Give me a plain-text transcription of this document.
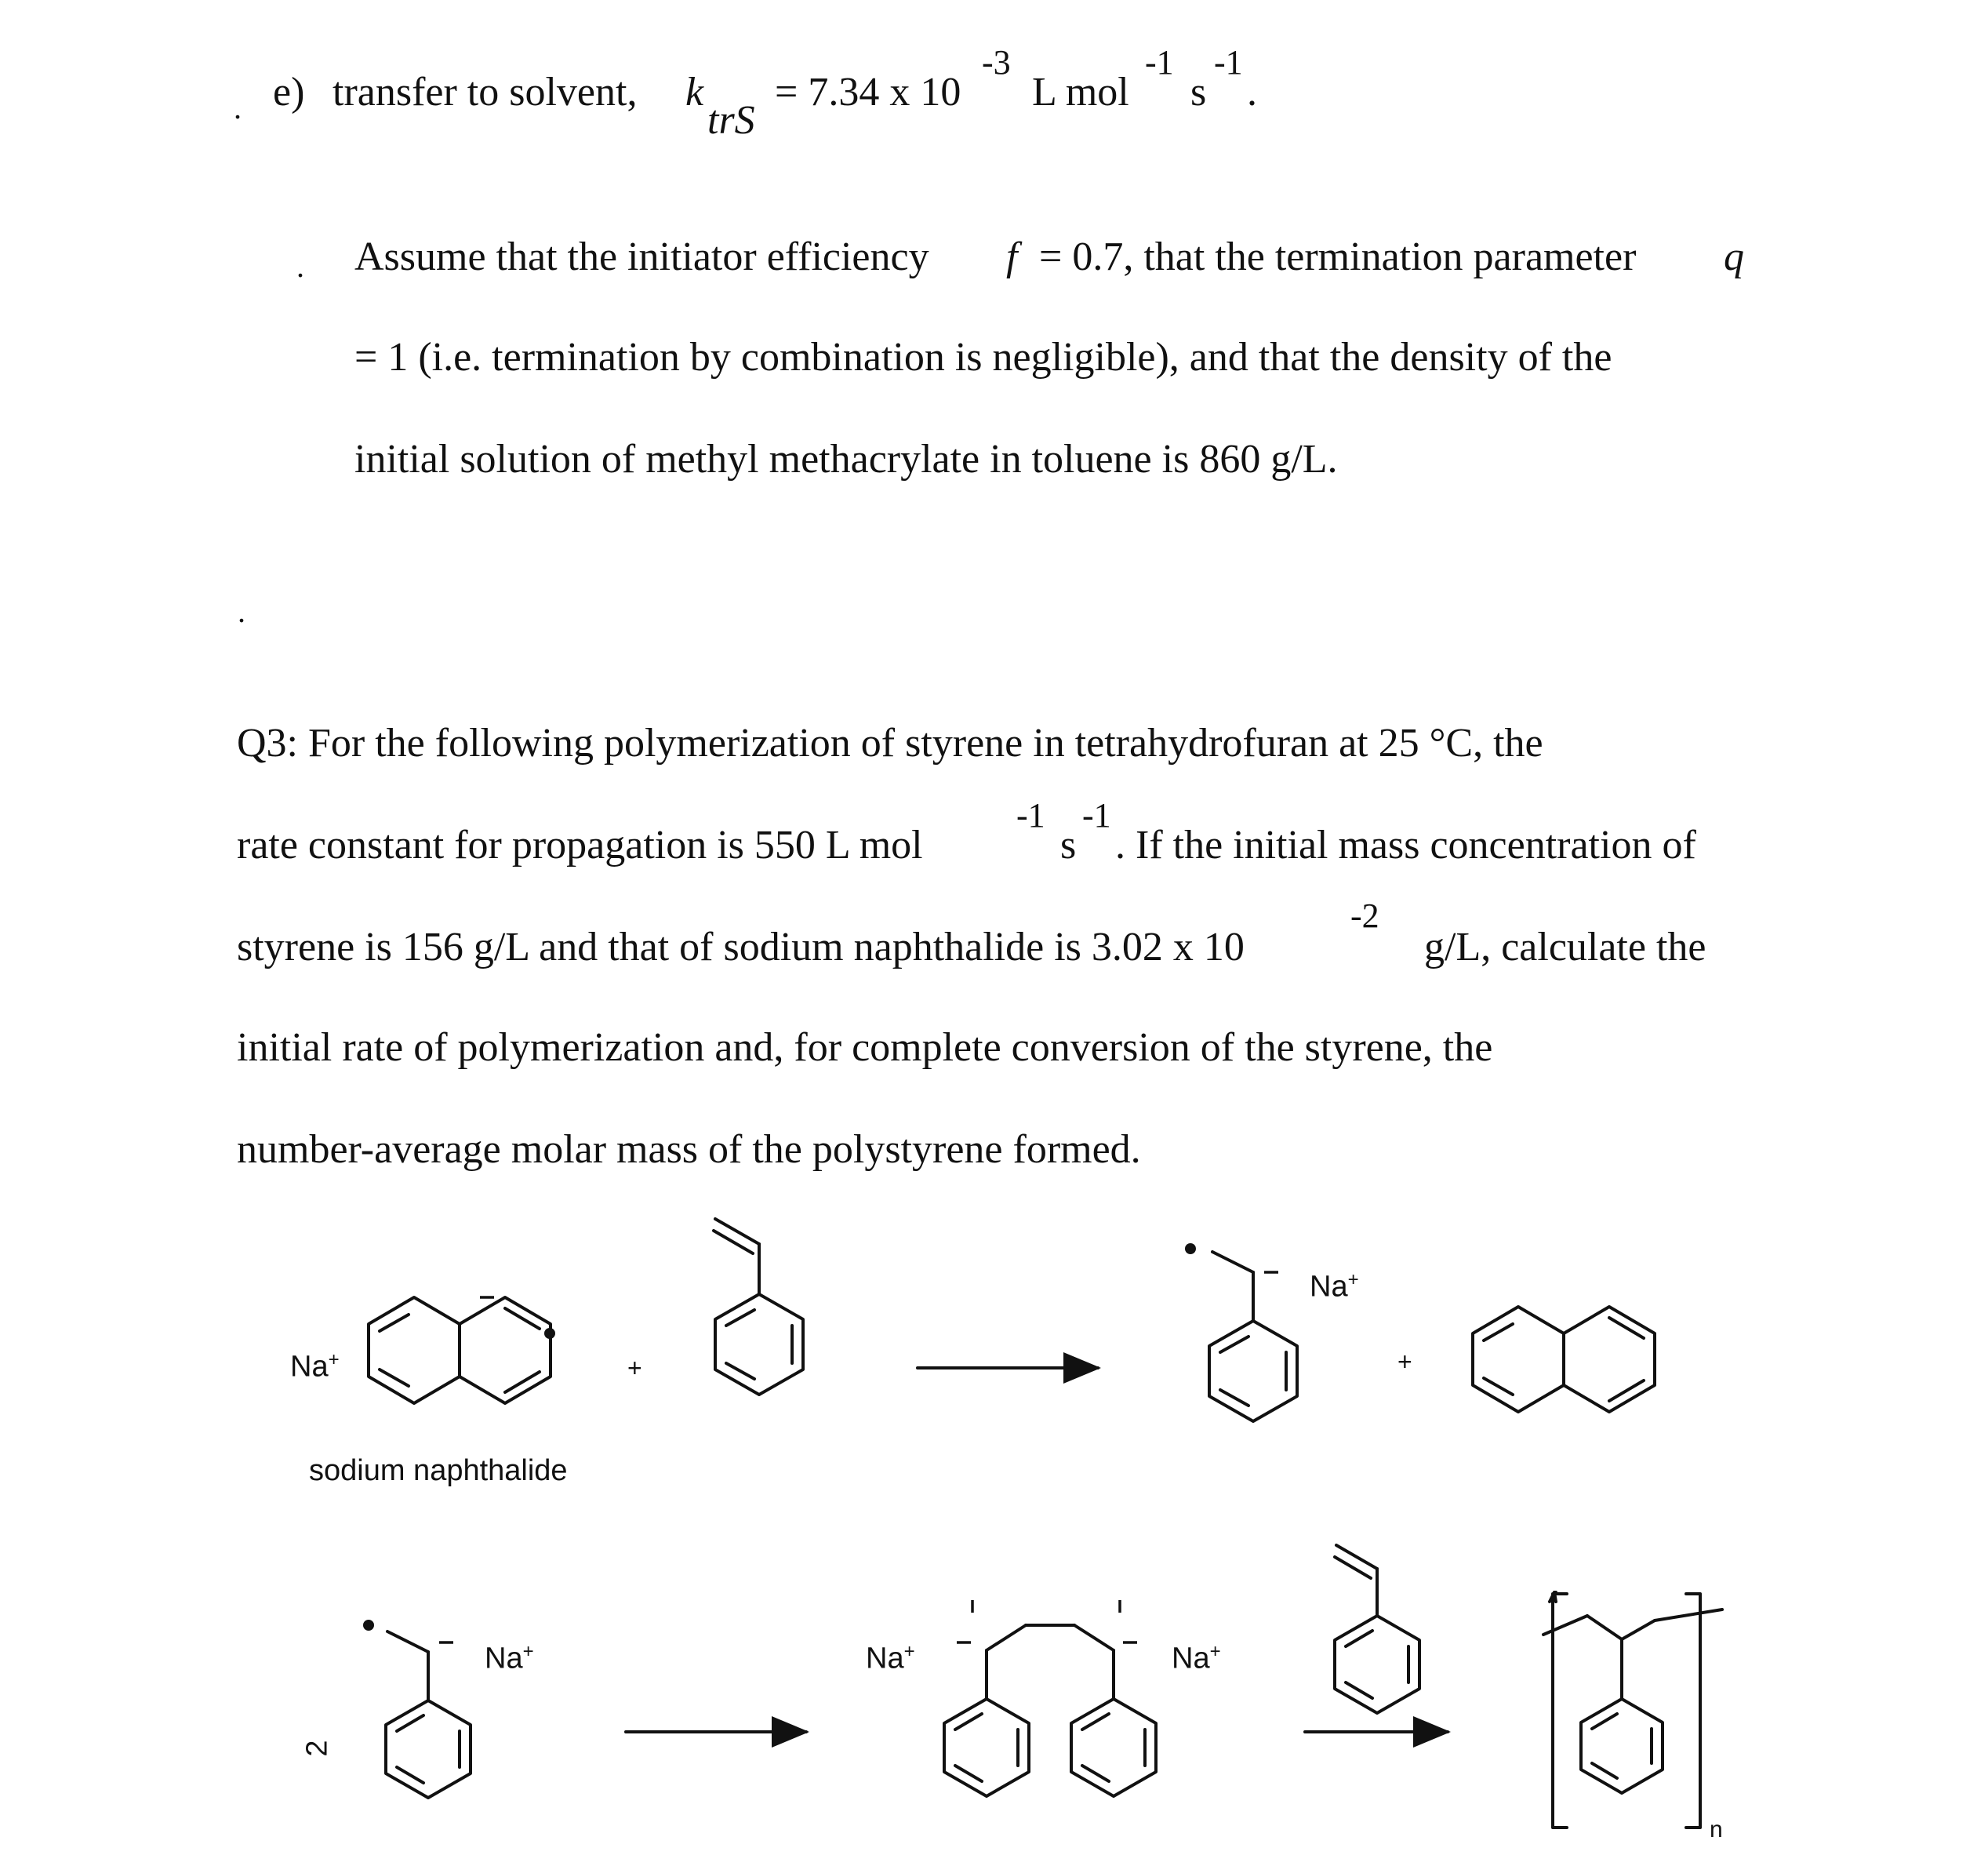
. e) transfer to solvent, k
trS
= 7.34 x 10
-3
L mol
-1
s
-1
.
. Assume that the initiator efficiency f = 0.7, that the termination parameter q
= 1 (i.e. termination by combination is negligible), and that the density of the
initial solution of methyl methacrylate in toluene is 860 g/L.
.
Q3: For the following polymerization of styrene in tetrahydrofuran at 25 °C, the
rate constant for propagation is 550 L mol
-1
s
-1
. If the initial mass concentration of
styrene is 156 g/L and that of sodium naphthalide is 3.02 x 10
-2
g/L, calculate the
initial rate of polymerization and, for complete conversion of the styrene, the
number-average molar mass of the polystyrene formed.
Na+	+
Na+
+
sodium naphthalide
2
Na+	Na+	Na+
n
